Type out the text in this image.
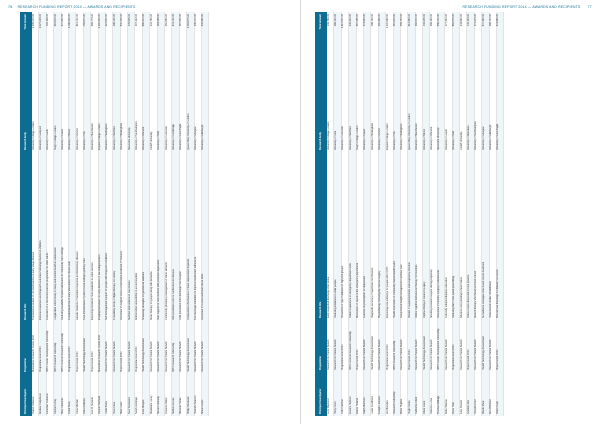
76 RESEARCH FUNDING REPORT 2014 — AWARDS AND RECIPIENTS
Principal investigator	Programme	Research title	Research body	Total amount
Patrick Vallance	Biomedical Research Centre 2014	Translational studies of cell mechanisms in early-stage disease	University College London	1,235,000.00
Andrew Colquhoun	Programme Grant 2014	Immune responses and long-term outcomes following infection in children	University of Liverpool	1,027,218.00
Jonathan Cameron	NIHR Career Development Fellowship	Evaluation of a structured exercise programme for older adults	University of Leeds	342,118.00
Rachel Coffey	NIHR Research Fellowship	Longitudinal cohort study of sleep and mental health in adolescents	King's College London	318,645.00
Mary Clements	NIHR Doctoral Research Fellowship	Reducing avoidable hospital admissions in community care settings	University of Exeter	274,930.00
Frank Barry	Programme Grant 2014	A randomised trial of early intervention for chronic pain	University of Bristol	1,486,302.00
Dana Mitchell	Project Grant 2014	Genetic markers of treatment response in inflammatory disease	University of Oxford	612,404.00
Clare Andrews	Health Technology Assessment	Cost-effectiveness of point-of-care testing in primary care	University of York	455,870.00
Joe M. Sansom	Project Grant 2014	Improving transitions from paediatric to adult services	University of Manchester	289,775.00
Dennis Pritchard	Biomedical Research Centre 2014	Imaging biomarkers for early detection of neurodegeneration	Imperial College London	1,194,520.00
Linda Burke	Research for Patient Benefit	Self-management support for people with long-term conditions	University of Nottingham	221,610.00
Paul Carter	Research for Patient Benefit	A feasibility study of digital therapy for anxiety	University of Sheffield	198,430.00
Mark Lewis	Project Grant 2014	Outcomes of surgical versus conservative treatment of fractures	University of Birmingham	534,215.00
Saul Townsend	Research for Patient Benefit	Nutrition interventions in care homes	Newcastle University	176,905.00
Sarah Jennings	Programme Grant 2014	Antimicrobial stewardship in acute hospitals	University of Southampton	947,112.00
Joan Morgan	Health Technology Assessment	Screening strategies for gestational diabetes	University of Warwick	688,340.00
Madeleine Lacey	Research for Patient Benefit	Music therapy for people living with dementia	Cardiff University	142,760.00
Steven Kennedy	Research for Patient Benefit	Peer support for new mothers with postnatal depression	University of Bath	163,295.00
Florence Baker	Research for Patient Benefit	Community pharmacy management of minor ailments	University of Leicester	154,880.00
Nathan Graves	NIHR Research Fellowship	Risk prediction tools for cardiovascular disease	University of Cambridge	301,420.00
Miranda Hulme	Research for Patient Benefit	Falls prevention after discharge from hospital	University of East Anglia	187,550.00
Phillip Blackwell	Health Technology Assessment	Comparative effectiveness of knee replacement implants	Queen Mary University of London	1,063,875.00
Hannah Pearson	Research for Patient Benefit	Text message reminders to improve medication adherence	University of Glasgow	135,440.00
Simon Evans	Research for Patient Benefit	Outcomes of a nurse-led heart failure clinic	University of Edinburgh	202,980.00
RESEARCH FUNDING REPORT 2014 — AWARDS AND RECIPIENTS 77
Principal investigator	Programme	Research title	Research body	Total amount
Lucy Maynard	Research for Patient Benefit	Early supported discharge after stroke	University College London	211,760.00
Harry Dunn	Research for Patient Benefit	Reducing loneliness in older people	University of Kent	168,420.00
Colin Fletcher	Programme Grant 2014	Prevention of type 2 diabetes in high-risk groups	University of Leicester	1,312,904.00
Jessica Harmon	NIHR Doctoral Research Fellowship	Patient experience of emergency department waits	University of Sheffield	248,310.00
Emma Holland	Project Grant 2014	Biomarkers of sepsis in the emergency department	King's College London	587,265.00
Ralph Morrison	Research for Patient Benefit	Exercise on prescription for depression	University of Exeter	173,850.00
Lewis Coulthard	Health Technology Assessment	Diagnostic accuracy of rapid tests for influenza	University of Birmingham	496,720.00
Joseph Lennard	Research for Patient Benefit	Physiotherapy following hip fracture surgery	University of Oxford	194,380.00
Ian Marsden	Programme Grant 2014	Improving care pathways for people with COPD	Imperial College London	1,104,660.00
Research Fellowship	NIHR Research Fellowship	Health economics of community mental health teams	University of York	287,945.00
Maria Hughes	Research for Patient Benefit	Group-based weight management in primary care	University of Nottingham	159,730.00
Hugh Clarke	Project Grant 2014	Vitamin D supplementation and respiratory infection	Queen Mary University of London	612,980.00
Catherine Elliott	Research for Patient Benefit	Online cognitive behavioural therapy for insomnia	University of Manchester	182,640.00
Oliver Grant	Health Technology Assessment	Optimal timing of cataract surgery	University of Bristol	433,205.00
Rebecca Lowe	Research for Patient Benefit	Smoking cessation support during pregnancy	University of Warwick	166,190.00
Thomas Aldridge	NIHR Career Development Fellowship	Outcomes of bariatric surgery in adolescents	Newcastle University	356,410.00
Anita Sharma	Research for Patient Benefit	Culturally adapted diabetes education	University of Leeds	177,330.00
Victor Hale	Programme Grant 2014	Reducing harm from opioid prescribing	University of Bath	982,575.00
Julia Preston	Research for Patient Benefit	Advance care planning in heart failure	Cardiff University	149,860.00
Graham Ellis	Project Grant 2014	Point-of-care ultrasound in rural practice	University of Aberdeen	402,115.00
Rosalind Kerr	Research for Patient Benefit	Speech therapy after head and neck cancer	University of Southampton	171,245.00
Martin Shaw	Health Technology Assessment	Surveillance strategies after bowel cancer treatment	University of Glasgow	574,390.00
Ann Whitfield	Research for Patient Benefit	Home-based cardiac rehabilitation	University of Edinburgh	188,720.00
Peter Doyle	Project Grant 2014	Wound care dressings for diabetic foot ulcers	University of East Anglia	341,660.00
